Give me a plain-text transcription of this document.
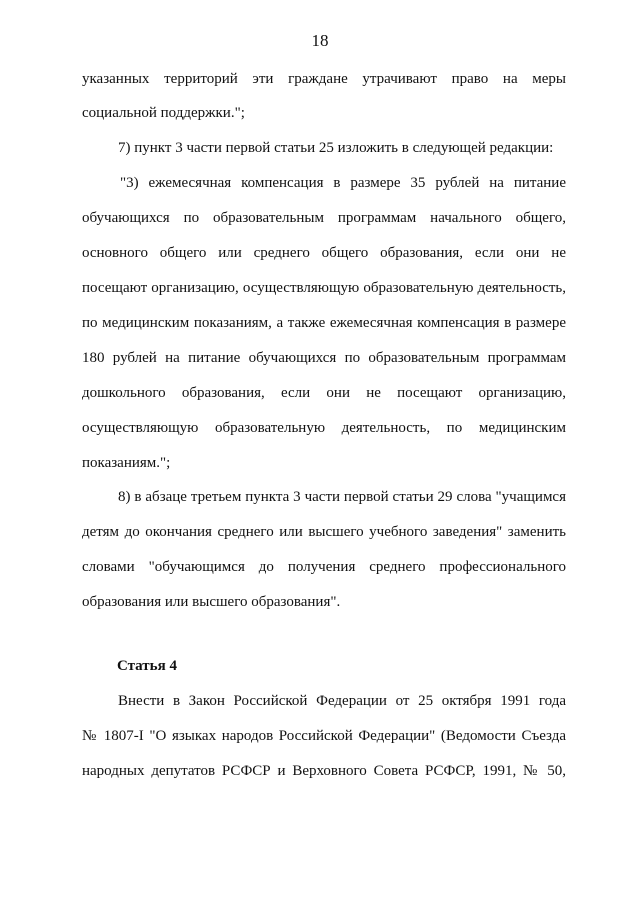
18
указанных территорий эти граждане утрачивают право на меры
социальной поддержки.";
7) пункт 3 части первой статьи 25 изложить в следующей редакции:
"3) ежемесячная компенсация в размере 35 рублей на питание
обучающихся по образовательным программам начального общего,
основного общего или среднего общего образования, если они не
посещают организацию, осуществляющую образовательную деятельность,
по медицинским показаниям, а также ежемесячная компенсация в размере
180 рублей на питание обучающихся по образовательным программам
дошкольного образования, если они не посещают организацию,
осуществляющую образовательную деятельность, по медицинским
показаниям.";
8) в абзаце третьем пункта 3 части первой статьи 29 слова "учащимся
детям до окончания среднего или высшего учебного заведения" заменить
словами "обучающимся до получения среднего профессионального
образования или высшего образования".
Статья 4
Внести в Закон Российской Федерации от 25 октября 1991 года
№ 1807-I "О языках народов Российской Федерации" (Ведомости Съезда
народных депутатов РСФСР и Верховного Совета РСФСР, 1991, № 50,
